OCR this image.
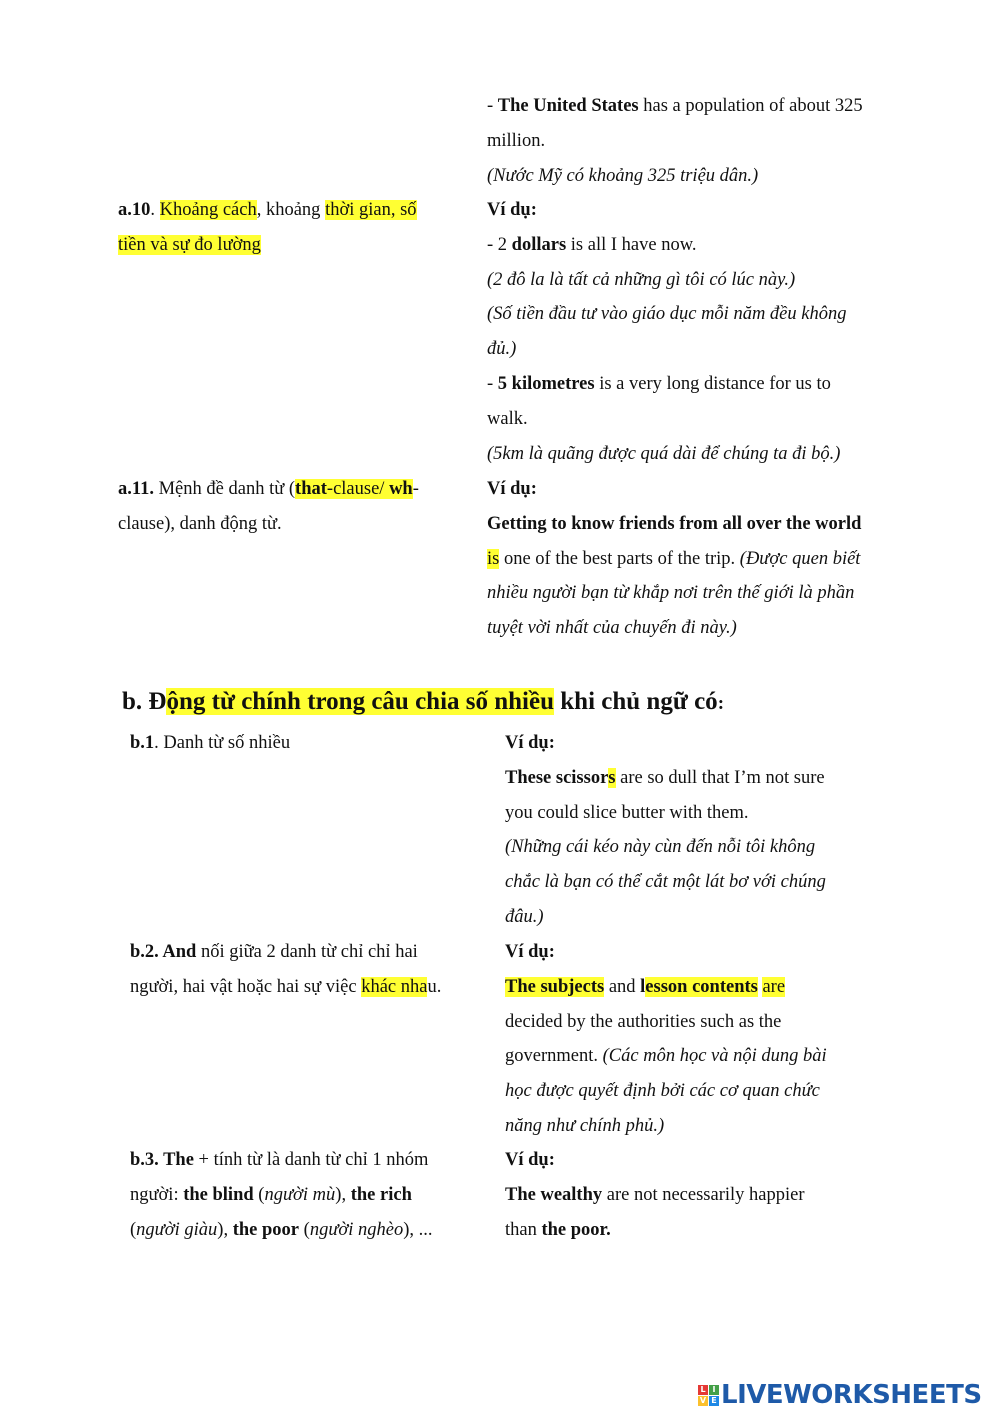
- The United States has a population of about 325
million.
(Nước Mỹ có khoảng 325 triệu dân.)
a.10. Khoảng cách, khoảng thời gian, số
tiền và sự đo lường
Ví dụ:
- 2 dollars is all I have now.
(2 đô la là tất cả những gì tôi có lúc này.)
(Số tiền đầu tư vào giáo dục mỗi năm đều không
đủ.)
- 5 kilometres is a very long distance for us to
walk.
(5km là quãng được quá dài để chúng ta đi bộ.)
a.11. Mệnh đề danh từ (that-clause/ wh-
clause), danh động từ.
Ví dụ:
Getting to know friends from all over the world
is one of the best parts of the trip. (Được quen biết
nhiều người bạn từ khắp nơi trên thế giới là phần
tuyệt vời nhất của chuyến đi này.)
b. Động từ chính trong câu chia số nhiều khi chủ ngữ có:
b.1. Danh từ số nhiều	Ví dụ:
These scissors are so dull that I’m not sure
you could slice butter with them.
(Những cái kéo này cùn đến nỗi tôi không
chắc là bạn có thể cắt một lát bơ với chúng
đâu.)
b.2. And nối giữa 2 danh từ chỉ chỉ hai
người, hai vật hoặc hai sự việc khác nhau.
Ví dụ:
The subjects and lesson contents are
decided by the authorities such as the
government. (Các môn học và nội dung bài
học được quyết định bởi các cơ quan chức
năng như chính phủ.)
b.3. The + tính từ là danh từ chỉ 1 nhóm
người: the blind (người mù), the rich
(người giàu), the poor (người nghèo), ...
Ví dụ:
The wealthy are not necessarily happier
than the poor.
L I
V E LIVEWORKSHEETS
